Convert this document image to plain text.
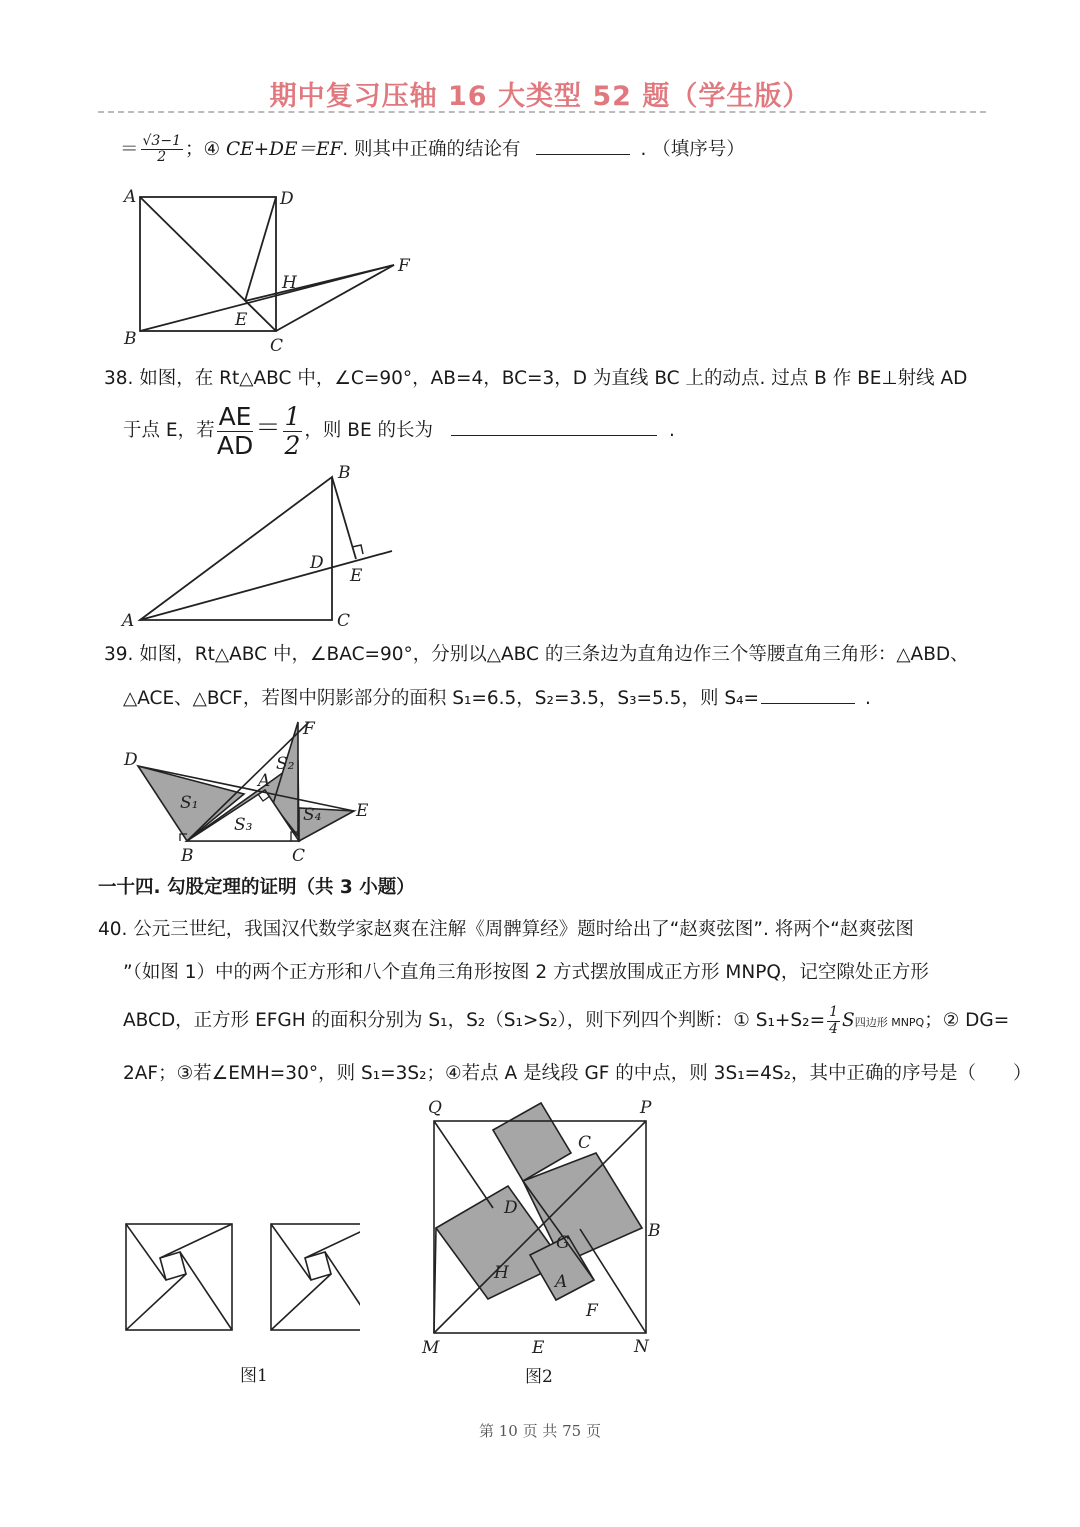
期中复习压轴 16 大类型 52 题（学生版）
＝ $\frac{√3-1}{2}$ ；④ CE+DE＝EF. 则其中正确的结论有	. （填序号）
A	D
B	C
E
F
H
38. 如图，在 Rt△ABC 中，∠C=90°，AB=4，BC=3，D 为直线 BC 上的动点. 过点 B 作 BE⊥射线 AD
于点 E，若 $\frac{AE}{AD} = \frac{1}{2}$ ，则 BE 的长为	.
A
B
C
D
E
39. 如图，Rt△ABC 中，∠BAC=90°，分别以△ABC 的三条边为直角边作三个等腰直角三角形：△ABD、
△ACE、△BCF，若图中阴影部分的面积 S₁=6.5，S₂=3.5，S₃=5.5，则 S₄=	.
D
F
A
E
B	C
S₁
S₂
S₃	S₄
一十四. 勾股定理的证明（共 3 小题）
40. 公元三世纪，我国汉代数学家赵爽在注解《周髀算经》题时给出了“赵爽弦图”. 将两个“赵爽弦图
”（如图 1）中的两个正方形和八个直角三角形按图 2 方式摆放围成正方形 MNPQ，记空隙处正方形
ABCD，正方形 EFGH 的面积分别为 S₁，S₂（S₁>S₂），则下列四个判断：① $S_1+S_2= \frac{1}{4}$ S四边形 MNPQ；② DG=
2AF；③若∠EMH=30°，则 S₁=3S₂；④若点 A 是线段 GF 的中点，则 3S₁=4S₂，其中正确的序号是（　　）
图1
Q	P
C
D
B
G
H	A
F
M	E	N
图2
第 10 页 共 75 页
